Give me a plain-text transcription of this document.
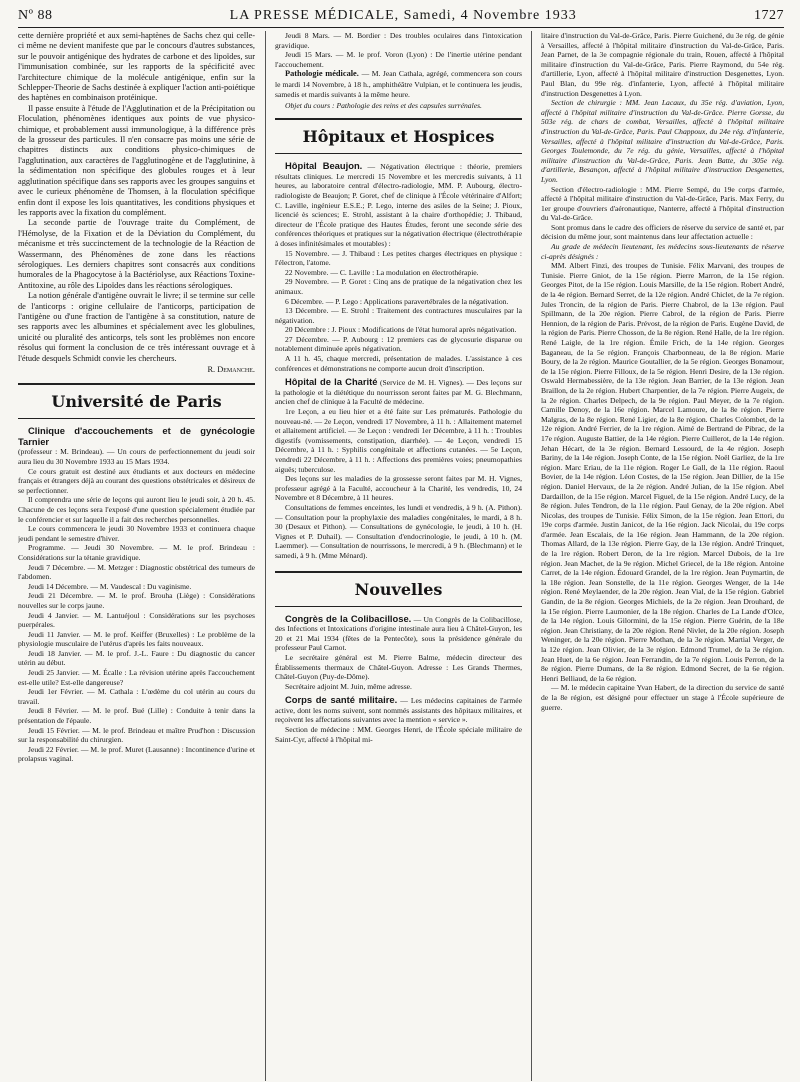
Nº 88	LA PRESSE MÉDICALE, Samedi, 4 Novembre 1933	1727

cette dernière propriété et aux semi-haptènes de Sachs chez qui celle-ci même ne devient manifeste que par le concours d'autres substances, sur le pouvoir antigénique des hydrates de carbone et des lipoïdes, sur l'immunisation combinée, sur les rapports de la spécificité avec l'architecture chimique de la molécule antigénique, enfin sur la Schlepper-Theorie de Sachs destinée à expliquer l'action anti-poiétique des haptènes en combinaison protéinique.

Il passe ensuite à l'étude de l'Agglutination et de la Précipitation ou Floculation, phénomènes identiques aux points de vue physico-chimique, et probablement aussi immunologique, à la différence près de la grosseur des particules. Il n'en consacre pas moins une série de chapitres distincts aux conditions physico-chimiques de l'agglutination, aux caractères de l'agglutinogène et de l'agglutinine, à la sédimentation non spécifique des globules rouges et à leur agglutination spécifique dans ses rapports avec les groupes sanguins et avec le curieux phénomène de Thomsen, à la floculation spécifique enfin dont il expose les lois quantitatives, les conditions physiques et les rapports avec la fixation du complément.

La seconde partie de l'ouvrage traite du Complément, de l'Hémolyse, de la Fixation et de la Déviation du Complément, du mécanisme et très succinctement de la technologie de la Réaction de Wassermann, des Phénomènes de zone dans les réactions sérologiques. Les derniers chapitres sont consacrés aux conditions humorales de la Phagocytose à la Bactériolyse, aux Réactions Toxine-Antitoxine, au rôle des Lipoïdes dans les réactions sérologiques.

La notion générale d'antigène ouvrait le livre; il se termine sur celle de l'anticorps : origine cellulaire de l'anticorps, participation de l'antigène ou d'une fraction de l'antigène à sa constitution, nature de ses rapports avec les albumines et spécialement avec les globulines, unicité ou pluralité des anticorps, tels sont les problèmes non encore résolus qui forment la conclusion de ce très intéressant ouvrage et à l'étude desquels Schmidt convie les chercheurs.

R. Demanche.
Université de Paris
Clinique d'accouchements et de gynécologie Tarnier

(professeur : M. Brindeau). — Un cours de perfectionnement du jeudi soir aura lieu du 30 Novembre 1933 au 15 Mars 1934.

Ce cours gratuit est destiné aux étudiants et aux docteurs en médecine français et étrangers déjà au courant des questions obstétricales et désireux de se perfectionner.

Il comprendra une série de leçons qui auront lieu le jeudi soir, à 20 h. 45. Chacune de ces leçons sera l'exposé d'une question spécialement étudiée par le conférencier et sur laquelle il a fait des recherches personnelles.

Le cours commencera le jeudi 30 Novembre 1933 et continuera chaque jeudi pendant le semestre d'hiver.

Programme. — Jeudi 30 Novembre. — M. le prof. Brindeau : Considérations sur la tétanie gravidique.

Jeudi 7 Décembre. — M. Metzger : Diagnostic obstétrical des tumeurs de l'abdomen.

Jeudi 14 Décembre. — M. Vaudescal : Du vaginisme.

Jeudi 21 Décembre. — M. le prof. Brouha (Liège) : Considérations nouvelles sur le corps jaune.

Jeudi 4 Janvier. — M. Lantuéjoul : Considérations sur les psychoses puerpérales.

Jeudi 11 Janvier. — M. le prof. Keiffer (Bruxelles) : Le problème de la physiologie musculaire de l'utérus d'après les faits nouveaux.

Jeudi 18 Janvier. — M. le prof. J.-L. Faure : Du diagnostic du cancer utérin au début.

Jeudi 25 Janvier. — M. Écalle : La révision utérine après l'accouchement est-elle utile? Est-elle dangereuse?

Jeudi 1er Février. — M. Cathala : L'œdème du col utérin au cours du travail.

Jeudi 8 Février. — M. le prof. Bué (Lille) : Conduite à tenir dans la présentation de l'épaule.

Jeudi 15 Février. — M. le prof. Brindeau et maître Prud'hon : Discussion sur la responsabilité du chirurgien.

Jeudi 22 Février. — M. le prof. Muret (Lausanne) : Incontinence d'urine et prolapsus vaginal.

Jeudi 8 Mars. — M. Bordier : Des troubles oculaires dans l'intoxication gravidique.

Jeudi 15 Mars. — M. le prof. Voron (Lyon) : De l'inertie utérine pendant l'accouchement.

Pathologie médicale. — M. Jean Cathala, agrégé, commencera son cours le mardi 14 Novembre, à 18 h., amphithéâtre Vulpian, et le continuera les jeudis, samedis et mardis suivants à la même heure.

Objet du cours : Pathologie des reins et des capsules surrénales.

Hôpitaux et Hospices

Hôpital Beaujon. — Négativation électrique : théorie, premiers résultats cliniques. Le mercredi 15 Novembre et les mercredis suivants, à 11 heures, au laboratoire central d'électro-radiologie, MM. P. Aubourg, électro-radiologiste de Beaujon; P. Goret, chef de clinique à l'École vétérinaire d'Alfort; C. Laville, ingénieur E.S.E.; P. Lego, interne des asiles de la Seine; J. Pioux, licencié ès sciences; E. Strohl, assistant à la chaire d'orthopédie; J. Thibaud, directeur de l'École pratique des Hautes Études, feront une seconde série des conférences théoriques et pratiques sur la négativation électrique (électrothérapie à doses infinitésimales et moutables) :

15 Novembre. — J. Thibaud : Les petites charges électriques en physique : l'électron, l'atome.

22 Novembre. — C. Laville : La modulation en électrothérapie.

29 Novembre. — P. Goret : Cinq ans de pratique de la négativation chez les animaux.

6 Décembre. — P. Lego : Applications paravertébrales de la négativation.

13 Décembre. — E. Strohl : Traitement des contractures musculaires par la négativation.

20 Décembre : J. Pioux : Modifications de l'état humoral après négativation.

27 Décembre. — P. Aubourg : 12 premiers cas de glycosurie disparue ou notablement diminuée après négativation.

A 11 h. 45, chaque mercredi, présentation de malades. L'assistance à ces conférences et démonstrations ne comporte aucun droit d'inscription.

Hôpital de la Charité (Service de M. H. Vignes). — Des leçons sur la pathologie et la diététique du nourrisson seront faites par M. G. Blechmann, ancien chef de clinique à la Faculté de médecine.

1re Leçon, a eu lieu hier et a été faite sur Les prématurés. Pathologie du nouveau-né. — 2e Leçon, vendredi 17 Novembre, à 11 h. : Allaitement maternel et allaitement artificiel. — 3e Leçon : vendredi 1er Décembre, à 11 h. : Troubles digestifs (vomissements, constipation, diarrhée). — 4e Leçon, vendredi 15 Décembre, à 11 h. : Syphilis congénitale et affections cutanées. — 5e Leçon, vendredi 22 Décembre, à 11 h. : Affections des premières voies; pneumopathies aiguës; tuberculose.

Des leçons sur les maladies de la grossesse seront faites par M. H. Vignes, professeur agrégé à la Faculté, accoucheur à la Charité, les vendredis, 10, 24 Novembre et 8 Décembre, à 11 heures.

Consultations de femmes enceintes, les lundi et vendredis, à 9 h. (A. Pithon). — Consultation pour la prophylaxie des maladies congénitales, le mardi, à 8 h. 30 (Desaux et Pithon). — Consultations de gynécologie, le jeudi, à 10 h. (H. Vignes et P. Duhail). — Consultation d'endocrinologie, le jeudi, à 10 h. (M. Laemmer). — Consultation de nourrissons, le mercredi, à 9 h. (Blechmann) et le samedi, à 9 h. (Mme Ménard).

Nouvelles

Congrès de la Colibacillose. — Un Congrès de la Colibacillose, des Infections et Intoxications d'origine intestinale aura lieu à Châtel-Guyon, les 20 et 21 Mai 1934 (fêtes de la Pentecôte), sous la présidence générale du professeur Paul Carnot.

Le secrétaire général est M. Pierre Balme, médecin directeur des Établissements thermaux de Châtel-Guyon. Adresse : Les Grands Thermes, Châtel-Guyon (Puy-de-Dôme).

Secrétaire adjoint M. Juin, même adresse.

Corps de santé militaire. — Les médecins capitaines de l'armée active, dont les noms suivent, sont nommés assistants des hôpitaux militaires, et reçoivent les affectations suivantes avec la mention « service ».

Section de médecine : MM. Georges Henri, de l'École spéciale militaire de Saint-Cyr, affecté à l'hôpital mi-

litaire d'instruction du Val-de-Grâce, Paris. Pierre Guichené, du 3e rég. de génie à Versailles, affecté à l'hôpital militaire d'instruction du Val-de-Grâce, Paris. Jean Parnet, de la 3e compagnie régionale du train, Rouen, affecté à l'hôpital militaire d'instruction du Val-de-Grâce, Paris. Pierre Raymond, du 54e rég. d'artillerie, Lyon, affecté à l'hôpital militaire d'instruction Desgenettes, Lyon. Paul Blan, du 99e rég. d'infanterie, Lyon, affecté à l'hôpital militaire d'instruction Desgenettes à Lyon.

Section de chirurgie : MM. Jean Lacaux, du 35e rég. d'aviation, Lyon, affecté à l'hôpital militaire d'instruction du Val-de-Grâce. Pierre Gorsse, du 503e rég. de chars de combat, Versailles, affecté à l'hôpital militaire d'instruction du Val-de-Grâce, Paris. Paul Chappoux, du 24e rég. d'infanterie, Versailles, affecté à l'hôpital militaire d'instruction du Val-de-Grâce, Paris. Georges Toulemonde, du 7e rég. du génie, Versailles, affecté à l'hôpital militaire d'instruction du Val-de-Grâce, Paris. Jean Batte, du 305e rég. d'artillerie, Besançon, affecté à l'hôpital militaire d'instruction Desgenettes, Lyon.

Section d'électro-radiologie : MM. Pierre Sempé, du 19e corps d'armée, affecté à l'hôpital militaire d'instruction du Val-de-Grâce, Paris. Max Ferry, du 1er groupe d'ouvriers d'aéronautique, Nanterre, affecté à l'hôpital d'instruction du Val-de-Grâce.

Sont promus dans le cadre des officiers de réserve du service de santé et, par décision du même jour, sont maintenus dans leur affectation actuelle :

Au grade de médecin lieutenant, les médecins sous-lieutenants de réserve ci-après désignés :

MM. Albert Finzi, des troupes de Tunisie. Félix Marvani, des troupes de Tunisie. Pierre Gniot, de la 15e région. Pierre Marron, de la 15e région. Georges Pitot, de la 15e région. Louis Marsille, de la 15e région. Robert André, de la 4e région. Bernard Serret, de la 12e région. André Chiclet, de la 7e région. Jules Troncin, de la région de Paris. Pierre Chabrol, de la 13e région. Paul Spillmann, de la 20e région. Pierre Cabrol, de la région de Paris. Pierre Hennion, de la région de Paris. Prévost, de la région de Paris. Eugène David, de la région de Paris. Pierre Chosson, de la 8e région. René Halle, de la 1re région. René Laigle, de la 1re région. Émile Frich, de la 14e région. Georges Baganeau, de la 5e région. François Charbonneau, de la 8e région. Marie Boury, de la 2e région. Maurice Goutallier, de la 5e région. Georges Bonamour, de la 15e région. Pierre Filloux, de la 5e région. Henri Desire, de la 13e région. Oswald Hermabessière, de la 13e région. Jean Barrier, de la 13e région. Jean Braillon, de la 2e région. Hubert Charpentier, de la 7e région. Pierre Augeix, de la 2e région. Charles Delpech, de la 9e région. Paul Meyer, de la 7e région. Camille Denoy, de la 16e région. Marcel Lamoure, de la 8e région. Pierre Malgras, de la 8e région. René Ligier, de la 8e région. Charles Colombet, de la 12e région. André Ferrier, de la 1re région. Aimé de Bertrand de Pibrac, de la 17e région. Auguste Battier, de la 14e région. Pierre Cuillerot, de la 14e région. Jehan Hécart, de la 3e région. Bernard Lessourd, de la 4e région. Joseph Bariny, de la 14e région. Joseph Conte, de la 15e région. Noël Garliez, de la 1re région. Marc Eriau, de la 11e région. Roger Le Gall, de la 11e région. Raoul Bovier, de la 14e région. Léon Costes, de la 15e région. Jean Dillier, de la 15e région. Daniel Hervaux, de la 2e région. André Julian, de la 15e région. Abel Dardaillon, de la 15e région. Marcel Figuel, de la 15e région. André Lucy, de la 8e région. Jules Tendron, de la 11e région. Paul Genay, de la 20e région. Abel Nicolas, des troupes de Tunisie. Félix Simon, de la 15e région. Jean Ettori, du 19e corps d'armée. Justin Janicot, de la 16e région. Jack Nicolai, du 19e corps d'armée. Jean Escalais, de la 16e région. Jean Hammann, de la 20e région. Thomas Allard, de la 13e région. Pierre Gay, de la 13e région. André Trinquet, de la 1re région. Robert Deron, de la 1re région. Marcel Dubois, de la 1re région. Jean Machet, de la 9e région. Michel Griecel, de la 18e région. Antoine Carret, de la 14e région. Édouard Grandel, de la 1re région. Jean Puymartin, de la 18e région. Jean Sonstelle, de la 11e région. Georges Wenger, de la 14e région. René Meylaender, de la 20e région. Jean Vial, de la 15e région. Gabriel Gandin, de la 8e région. Georges Michiels, de la 2e région. Jean Drouhard, de la 15e région. Pierre Laumonier, de la 18e région. Charles de La Lande d'Olce, de la 14e région. Louis Gilormini, de la 15e région. Pierre Guérin, de la 18e région. Jean Christiany, de la 20e région. René Nivlet, de la 20e région. Joseph Weninger, de la 20e région. Pierre Mothan, de la 3e région. Martial Verger, de la 12e région. Jean Olivier, de la 3e région. Edmond Trumel, de la 3e région. Jean Huet, de la 6e région. Jean Ferrandin, de la 7e région. Louis Perron, de la 8e région. Pierre Dumans, de la 8e région. Edmond Secret, de la 6e région. Henri Belliaud, de la 6e région.

— M. le médecin capitaine Yvan Habert, de la direction du service de santé de la 8e région, est désigné pour effectuer un stage à l'École supérieure de guerre.
